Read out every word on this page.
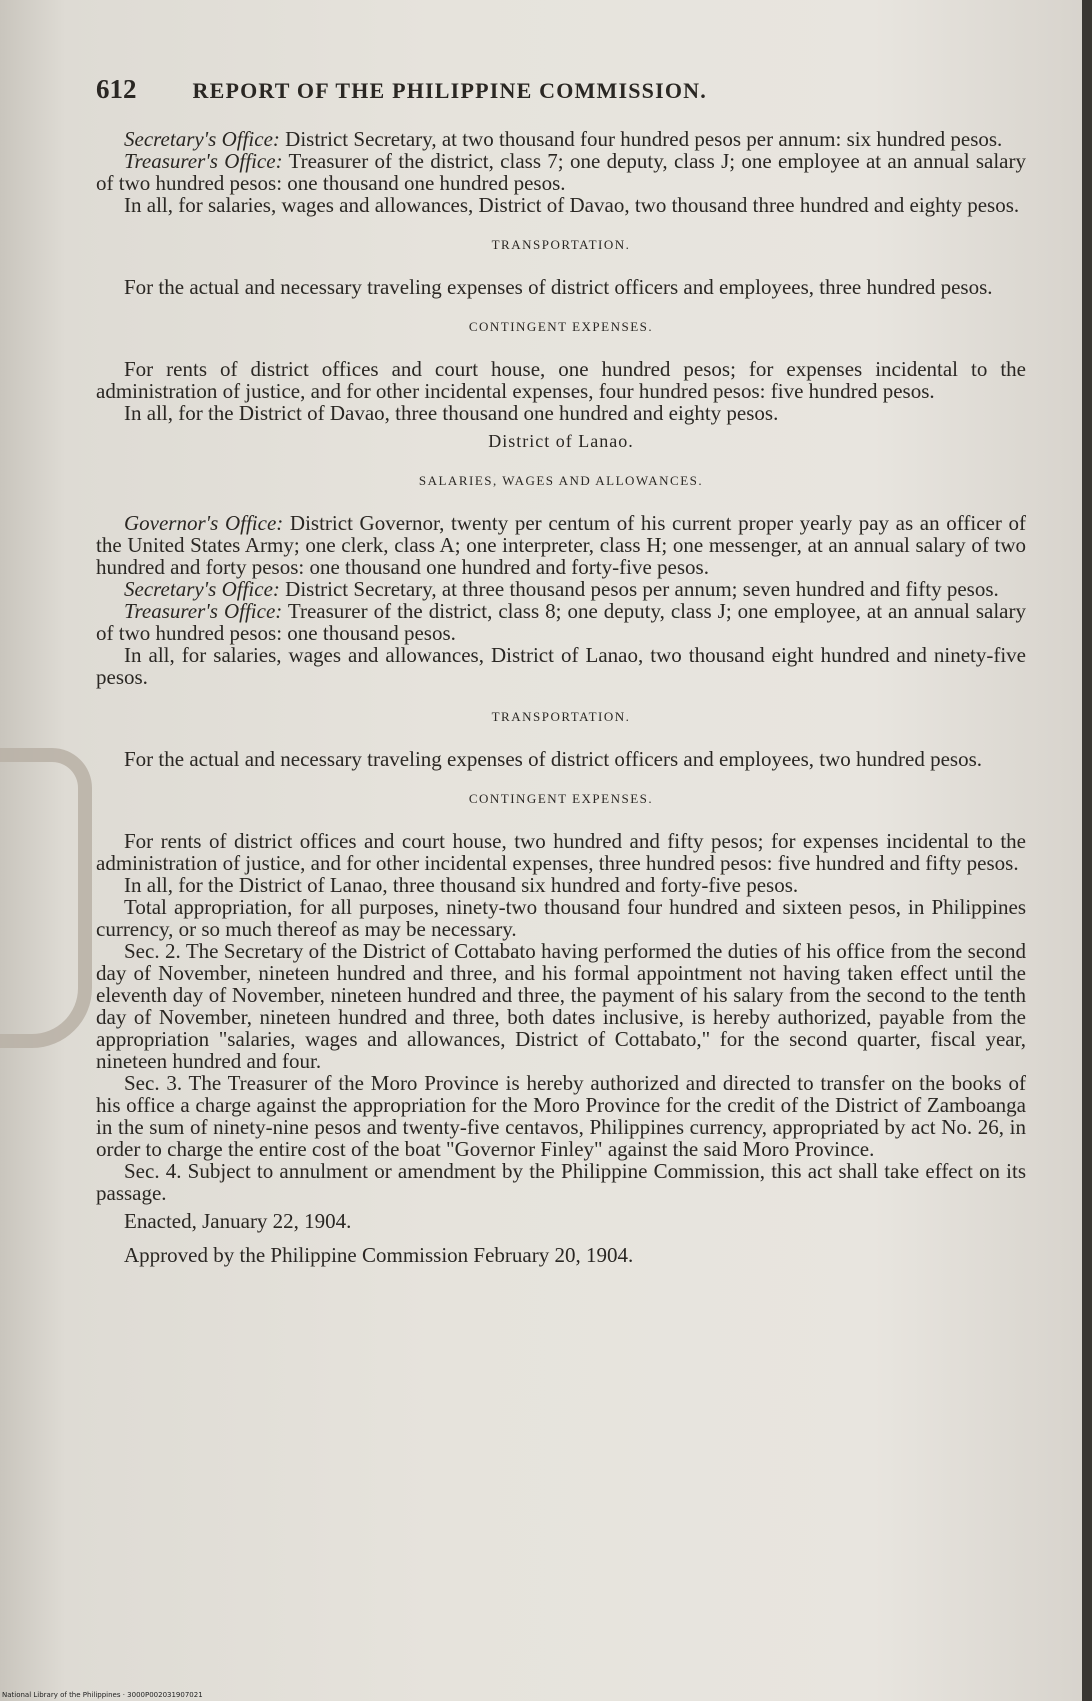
612	REPORT OF THE PHILIPPINE COMMISSION.

Secretary's Office: District Secretary, at two thousand four hundred pesos per annum: six hundred pesos.

Treasurer's Office: Treasurer of the district, class 7; one deputy, class J; one employee at an annual salary of two hundred pesos: one thousand one hundred pesos.

In all, for salaries, wages and allowances, District of Davao, two thousand three hundred and eighty pesos.

TRANSPORTATION.

For the actual and necessary traveling expenses of district officers and employees, three hundred pesos.

CONTINGENT EXPENSES.

For rents of district offices and court house, one hundred pesos; for expenses incidental to the administration of justice, and for other incidental expenses, four hundred pesos: five hundred pesos.

In all, for the District of Davao, three thousand one hundred and eighty pesos.

District of Lanao.

SALARIES, WAGES AND ALLOWANCES.

Governor's Office: District Governor, twenty per centum of his current proper yearly pay as an officer of the United States Army; one clerk, class A; one interpreter, class H; one messenger, at an annual salary of two hundred and forty pesos: one thousand one hundred and forty-five pesos.

Secretary's Office: District Secretary, at three thousand pesos per annum; seven hundred and fifty pesos.

Treasurer's Office: Treasurer of the district, class 8; one deputy, class J; one employee, at an annual salary of two hundred pesos: one thousand pesos.

In all, for salaries, wages and allowances, District of Lanao, two thousand eight hundred and ninety-five pesos.

TRANSPORTATION.

For the actual and necessary traveling expenses of district officers and employees, two hundred pesos.

CONTINGENT EXPENSES.

For rents of district offices and court house, two hundred and fifty pesos; for expenses incidental to the administration of justice, and for other incidental expenses, three hundred pesos: five hundred and fifty pesos.

In all, for the District of Lanao, three thousand six hundred and forty-five pesos.

Total appropriation, for all purposes, ninety-two thousand four hundred and sixteen pesos, in Philippines currency, or so much thereof as may be necessary.

Sec. 2. The Secretary of the District of Cottabato having performed the duties of his office from the second day of November, nineteen hundred and three, and his formal appointment not having taken effect until the eleventh day of November, nineteen hundred and three, the payment of his salary from the second to the tenth day of November, nineteen hundred and three, both dates inclusive, is hereby authorized, payable from the appropriation "salaries, wages and allowances, District of Cottabato," for the second quarter, fiscal year, nineteen hundred and four.

Sec. 3. The Treasurer of the Moro Province is hereby authorized and directed to transfer on the books of his office a charge against the appropriation for the Moro Province for the credit of the District of Zamboanga in the sum of ninety-nine pesos and twenty-five centavos, Philippines currency, appropriated by act No. 26, in order to charge the entire cost of the boat "Governor Finley" against the said Moro Province.

Sec. 4. Subject to annulment or amendment by the Philippine Commission, this act shall take effect on its passage.

Enacted, January 22, 1904.

Approved by the Philippine Commission February 20, 1904.

National Library of the Philippines · 3000P002031907021
